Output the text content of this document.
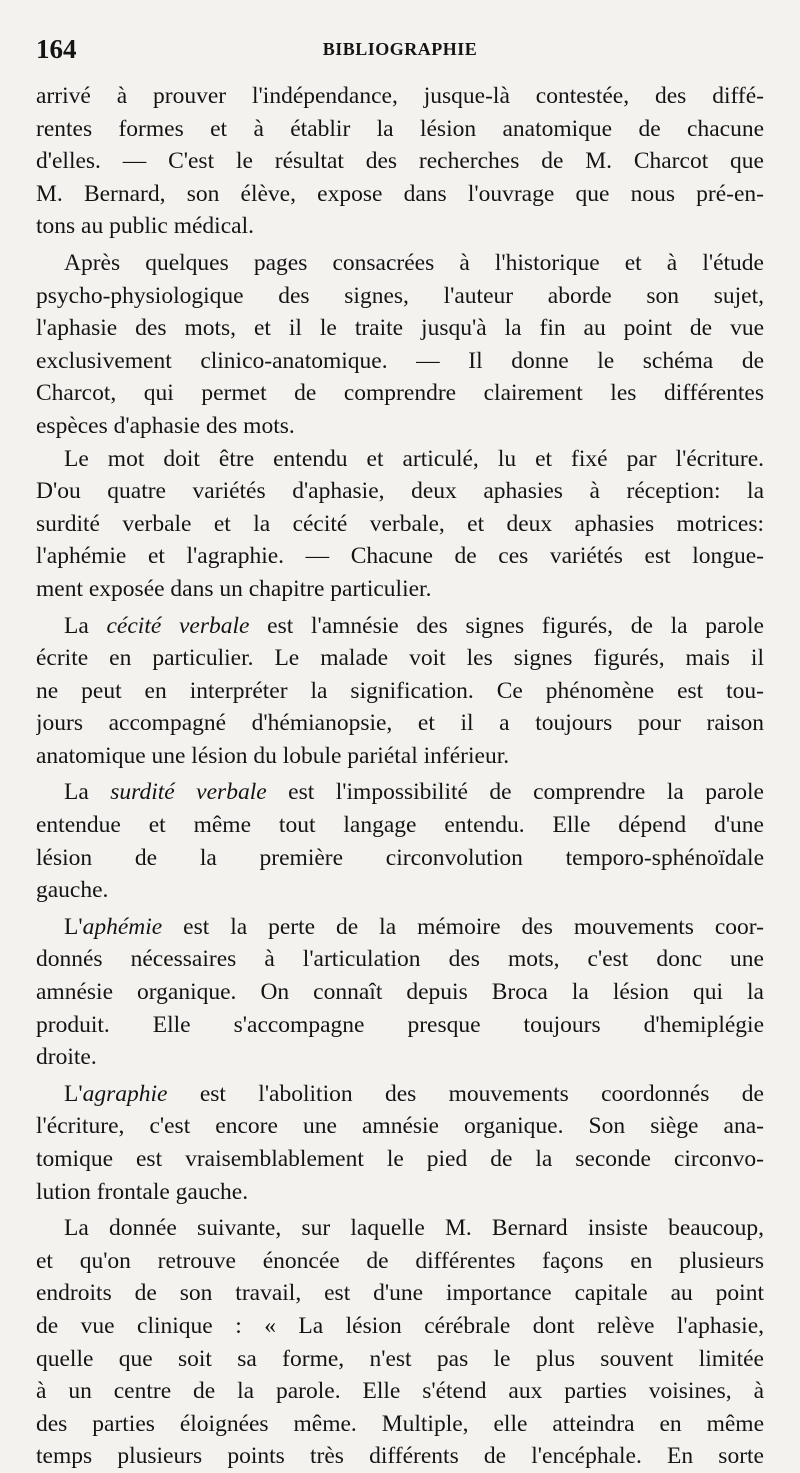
164	BIBLIOGRAPHIE
arrivé à prouver l'indépendance, jusque-là contestée, des diffé-
rentes formes et à établir la lésion anatomique de chacune
d'elles. — C'est le résultat des recherches de M. Charcot que
M. Bernard, son élève, expose dans l'ouvrage que nous pré-en-
tons au public médical.
Après quelques pages consacrées à l'historique et à l'étude
psycho-physiologique des signes, l'auteur aborde son sujet,
l'aphasie des mots, et il le traite jusqu'à la fin au point de vue
exclusivement clinico-anatomique. — Il donne le schéma de
Charcot, qui permet de comprendre clairement les différentes
espèces d'aphasie des mots.
Le mot doit être entendu et articulé, lu et fixé par l'écriture.
D'ou quatre variétés d'aphasie, deux aphasies à réception: la
surdité verbale et la cécité verbale, et deux aphasies motrices:
l'aphémie et l'agraphie. — Chacune de ces variétés est longue-
ment exposée dans un chapitre particulier.
La cécité verbale est l'amnésie des signes figurés, de la parole
écrite en particulier. Le malade voit les signes figurés, mais il
ne peut en interpréter la signification. Ce phénomène est tou-
jours accompagné d'hémianopsie, et il a toujours pour raison
anatomique une lésion du lobule pariétal inférieur.
La surdité verbale est l'impossibilité de comprendre la parole
entendue et même tout langage entendu. Elle dépend d'une
lésion de la première circonvolution temporo-sphénoïdale
gauche.
L'aphémie est la perte de la mémoire des mouvements coor-
donnés nécessaires à l'articulation des mots, c'est donc une
amnésie organique. On connaît depuis Broca la lésion qui la
produit. Elle s'accompagne presque toujours d'hemiplégie
droite.
L'agraphie est l'abolition des mouvements coordonnés de
l'écriture, c'est encore une amnésie organique. Son siège ana-
tomique est vraisemblablement le pied de la seconde circonvo-
lution frontale gauche.
La donnée suivante, sur laquelle M. Bernard insiste beaucoup,
et qu'on retrouve énoncée de différentes façons en plusieurs
endroits de son travail, est d'une importance capitale au point
de vue clinique : « La lésion cérébrale dont relève l'aphasie,
quelle que soit sa forme, n'est pas le plus souvent limitée
à un centre de la parole. Elle s'étend aux parties voisines, à
des parties éloignées même. Multiple, elle atteindra en même
temps plusieurs points très différents de l'encéphale. En sorte
